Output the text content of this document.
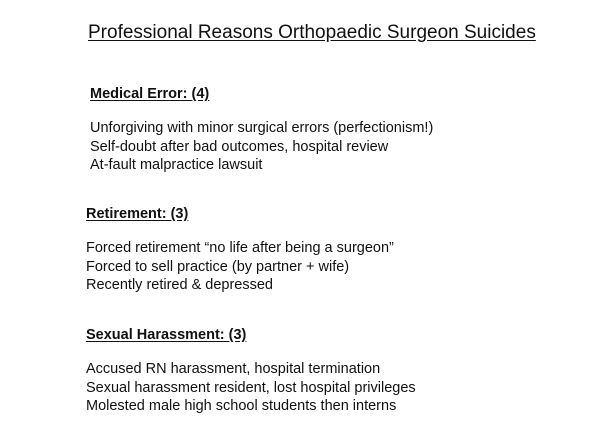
Professional Reasons Orthopaedic Surgeon Suicides
Medical Error: (4)
Unforgiving with minor surgical errors (perfectionism!)
Self-doubt after bad outcomes, hospital review
At-fault malpractice lawsuit
Retirement: (3)
Forced retirement “no life after being a surgeon”
Forced to sell practice (by partner + wife)
Recently retired & depressed
Sexual Harassment: (3)
Accused RN harassment, hospital termination
Sexual harassment resident, lost hospital privileges
Molested male high school students then interns
